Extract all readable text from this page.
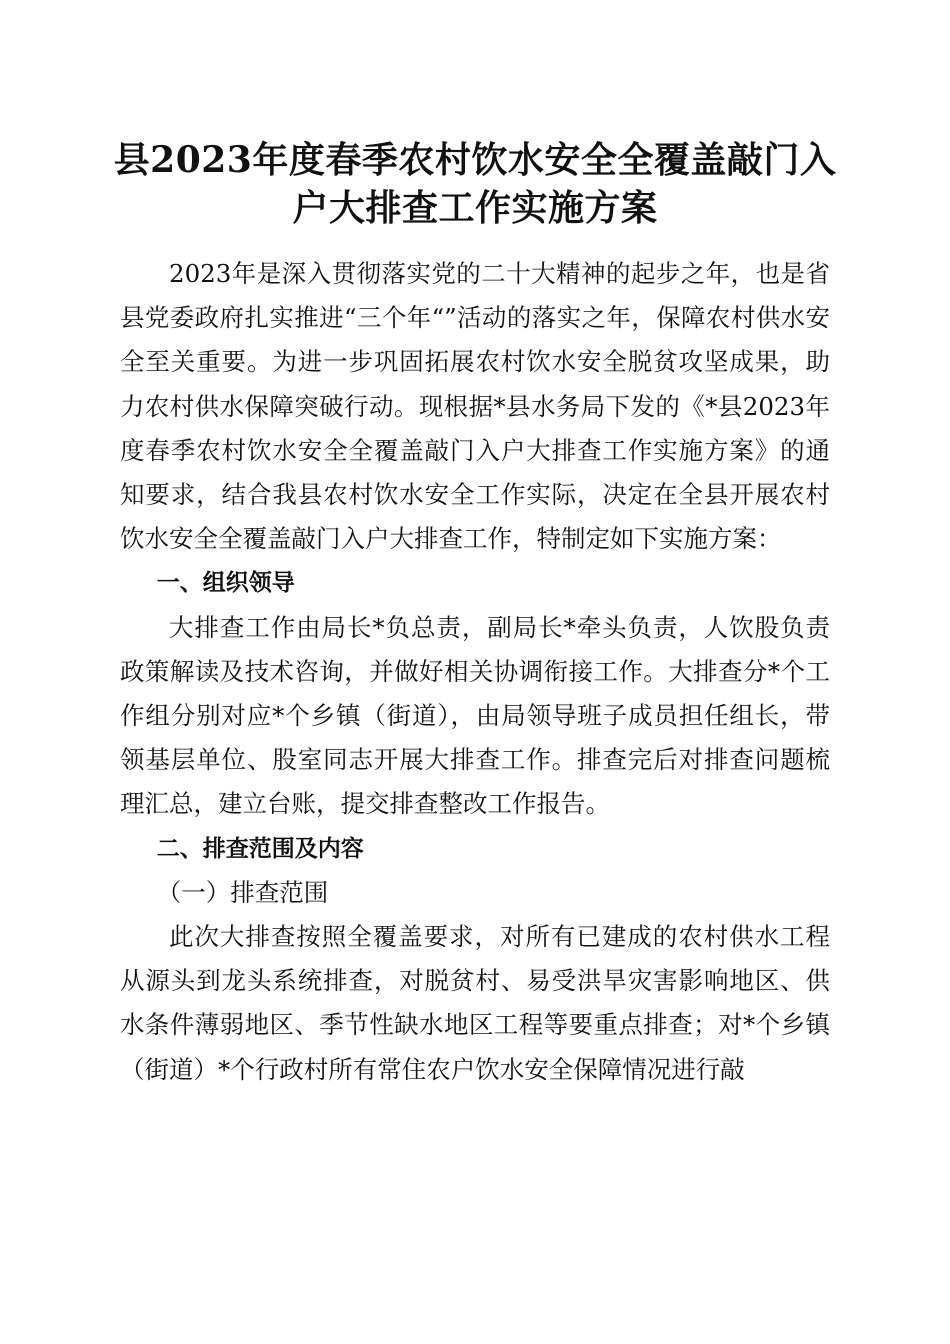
县2023年度春季农村饮水安全全覆盖敲门入
户大排查工作实施方案

2023年是深入贯彻落实党的二十大精神的起步之年，也是省县党委政府扎实推进“三个年“”活动的落实之年，保障农村供水安全至关重要。为进一步巩固拓展农村饮水安全脱贫攻坚成果，助力农村供水保障突破行动。现根据*县水务局下发的《*县2023年度春季农村饮水安全全覆盖敲门入户大排查工作实施方案》的通知要求，结合我县农村饮水安全工作实际，决定在全县开展农村饮水安全全覆盖敲门入户大排查工作，特制定如下实施方案：

一、组织领导

大排查工作由局长*负总责，副局长*牵头负责，人饮股负责政策解读及技术咨询，并做好相关协调衔接工作。大排查分*个工作组分别对应*个乡镇（街道），由局领导班子成员担任组长，带领基层单位、股室同志开展大排查工作。排查完后对排查问题梳理汇总，建立台账，提交排查整改工作报告。

二、排查范围及内容

（一）排查范围

此次大排查按照全覆盖要求，对所有已建成的农村供水工程从源头到龙头系统排查，对脱贫村、易受洪旱灾害影响地区、供水条件薄弱地区、季节性缺水地区工程等要重点排查；对*个乡镇（街道）*个行政村所有常住农户饮水安全保障情况进行敲
